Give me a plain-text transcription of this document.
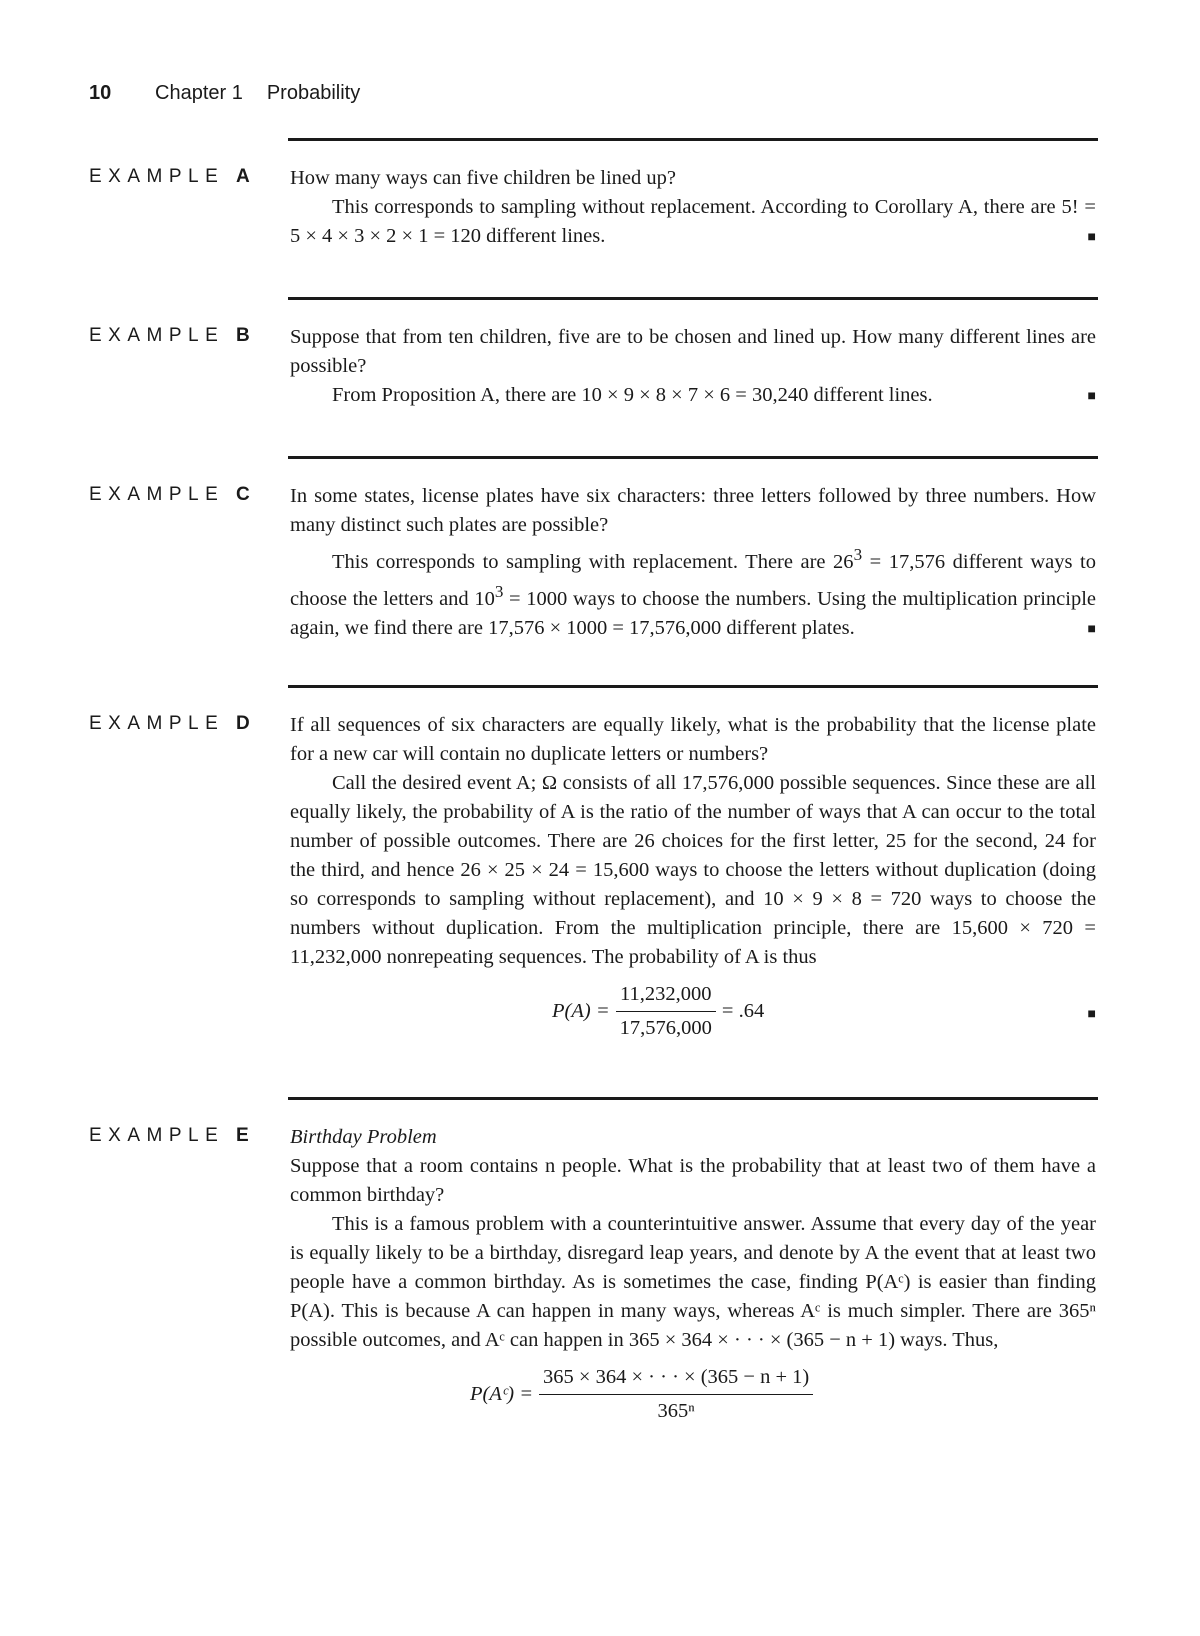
10	Chapter 1 Probability
EXAMPLE A How many ways can five children be lined up?

This corresponds to sampling without replacement. According to Corollary A, there are 5! = 5 × 4 × 3 × 2 × 1 = 120 different lines.	■

EXAMPLE B Suppose that from ten children, five are to be chosen and lined up. How many different lines are possible?

From Proposition A, there are 10 × 9 × 8 × 7 × 6 = 30,240 different lines.	■

EXAMPLE C In some states, license plates have six characters: three letters followed by three numbers. How many distinct such plates are possible?

This corresponds to sampling with replacement. There are $26^3 = 17,576$ different ways to choose the letters and $10^3 = 1000$ ways to choose the numbers. Using the multiplication principle again, we find there are 17,576 × 1000 = 17,576,000 different plates.	■

EXAMPLE D If all sequences of six characters are equally likely, what is the probability that the license plate for a new car will contain no duplicate letters or numbers?

Call the desired event A; Ω consists of all 17,576,000 possible sequences. Since these are all equally likely, the probability of A is the ratio of the number of ways that A can occur to the total number of possible outcomes. There are 26 choices for the first letter, 25 for the second, 24 for the third, and hence 26 × 25 × 24 = 15,600 ways to choose the letters without duplication (doing so corresponds to sampling without replacement), and 10 × 9 × 8 = 720 ways to choose the numbers without duplication. From the multiplication principle, there are 15,600 × 720 = 11,232,000 nonrepeating sequences. The probability of A is thus

$P(A) = \frac{11,232,000}{17,576,000} = .64$	■
EXAMPLE E Birthday Problem

Suppose that a room contains n people. What is the probability that at least two of them have a common birthday?

This is a famous problem with a counterintuitive answer. Assume that every day of the year is equally likely to be a birthday, disregard leap years, and denote by A the event that at least two people have a common birthday. As is sometimes the case, finding P(Aᶜ) is easier than finding P(A). This is because A can happen in many ways, whereas Aᶜ is much simpler. There are 365ⁿ possible outcomes, and Aᶜ can happen in 365 × 364 × · · · × (365 − n + 1) ways. Thus,

P(Aᶜ) = $\frac{365 \times 364 \times \cdot \cdot \cdot \times (365 - n + 1)}{\text{365ⁿ}}$
